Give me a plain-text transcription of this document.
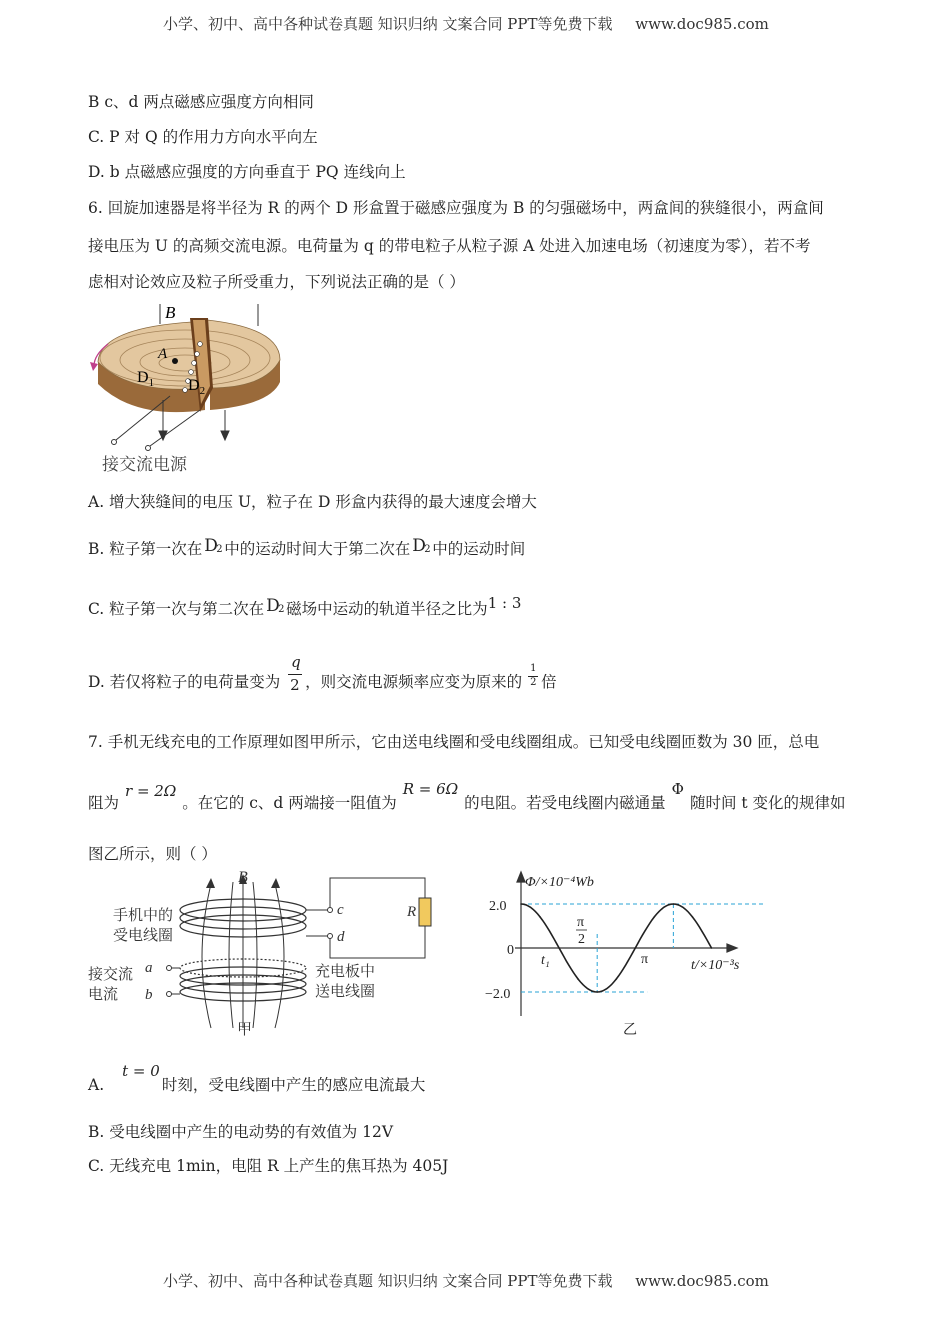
小学、初中、高中各种试卷真题 知识归纳 文案合同 PPT等免费下载 www.doc985.com
B c、d 两点磁感应强度方向相同
C. P 对 Q 的作用力方向水平向左
D. b 点磁感应强度的方向垂直于 PQ 连线向上
6. 回旋加速器是将半径为 R 的两个 D 形盒置于磁感应强度为 B 的匀强磁场中，两盒间的狭缝很小，两盒间
接电压为 U 的高频交流电源。电荷量为 q 的带电粒子从粒子源 A 处进入加速电场（初速度为零），若不考
虑相对论效应及粒子所受重力，下列说法正确的是（ ）
B
A
$D_1$ $D_2$
接交流电源
A. 增大狭缝间的电压 U，粒子在 D 形盒内获得的最大速度会增大
B. 粒子第一次在 D
2 中的运动时间大于第二次在 D
2 中的运动时间
C. 粒子第一次与第二次在 D
2 磁场中运动的轨道半径之比为1 : 3
D. 若仅将粒子的电荷量变为 $\frac{q}{2}$ ，则交流电源频率应变为原来的 $\frac{1}{2}$ 倍
7. 手机无线充电的工作原理如图甲所示，它由送电线圈和受电线圈组成。已知受电线圈匝数为 30 匝，总电
阻为r = 2Ω。在它的 c、d 两端接一阻值为R = 6Ω的电阻。若受电线圈内磁通量Φ随时间 t 变化的规律如
图乙所示，则（ ）
B
手机中的
受电线圈
c
d
R
接交流
电流
a
b
充电板中
送电线圈
甲
Φ/×10⁻⁴Wb
t/×10⁻³s
2.0
0
−2.0
t₁
π
2
π
乙
A.t = 0时刻，受电线圈中产生的感应电流最大
B. 受电线圈中产生的电动势的有效值为 12V
C. 无线充电 1min，电阻 R 上产生的焦耳热为 405J
小学、初中、高中各种试卷真题 知识归纳 文案合同 PPT等免费下载 www.doc985.com
